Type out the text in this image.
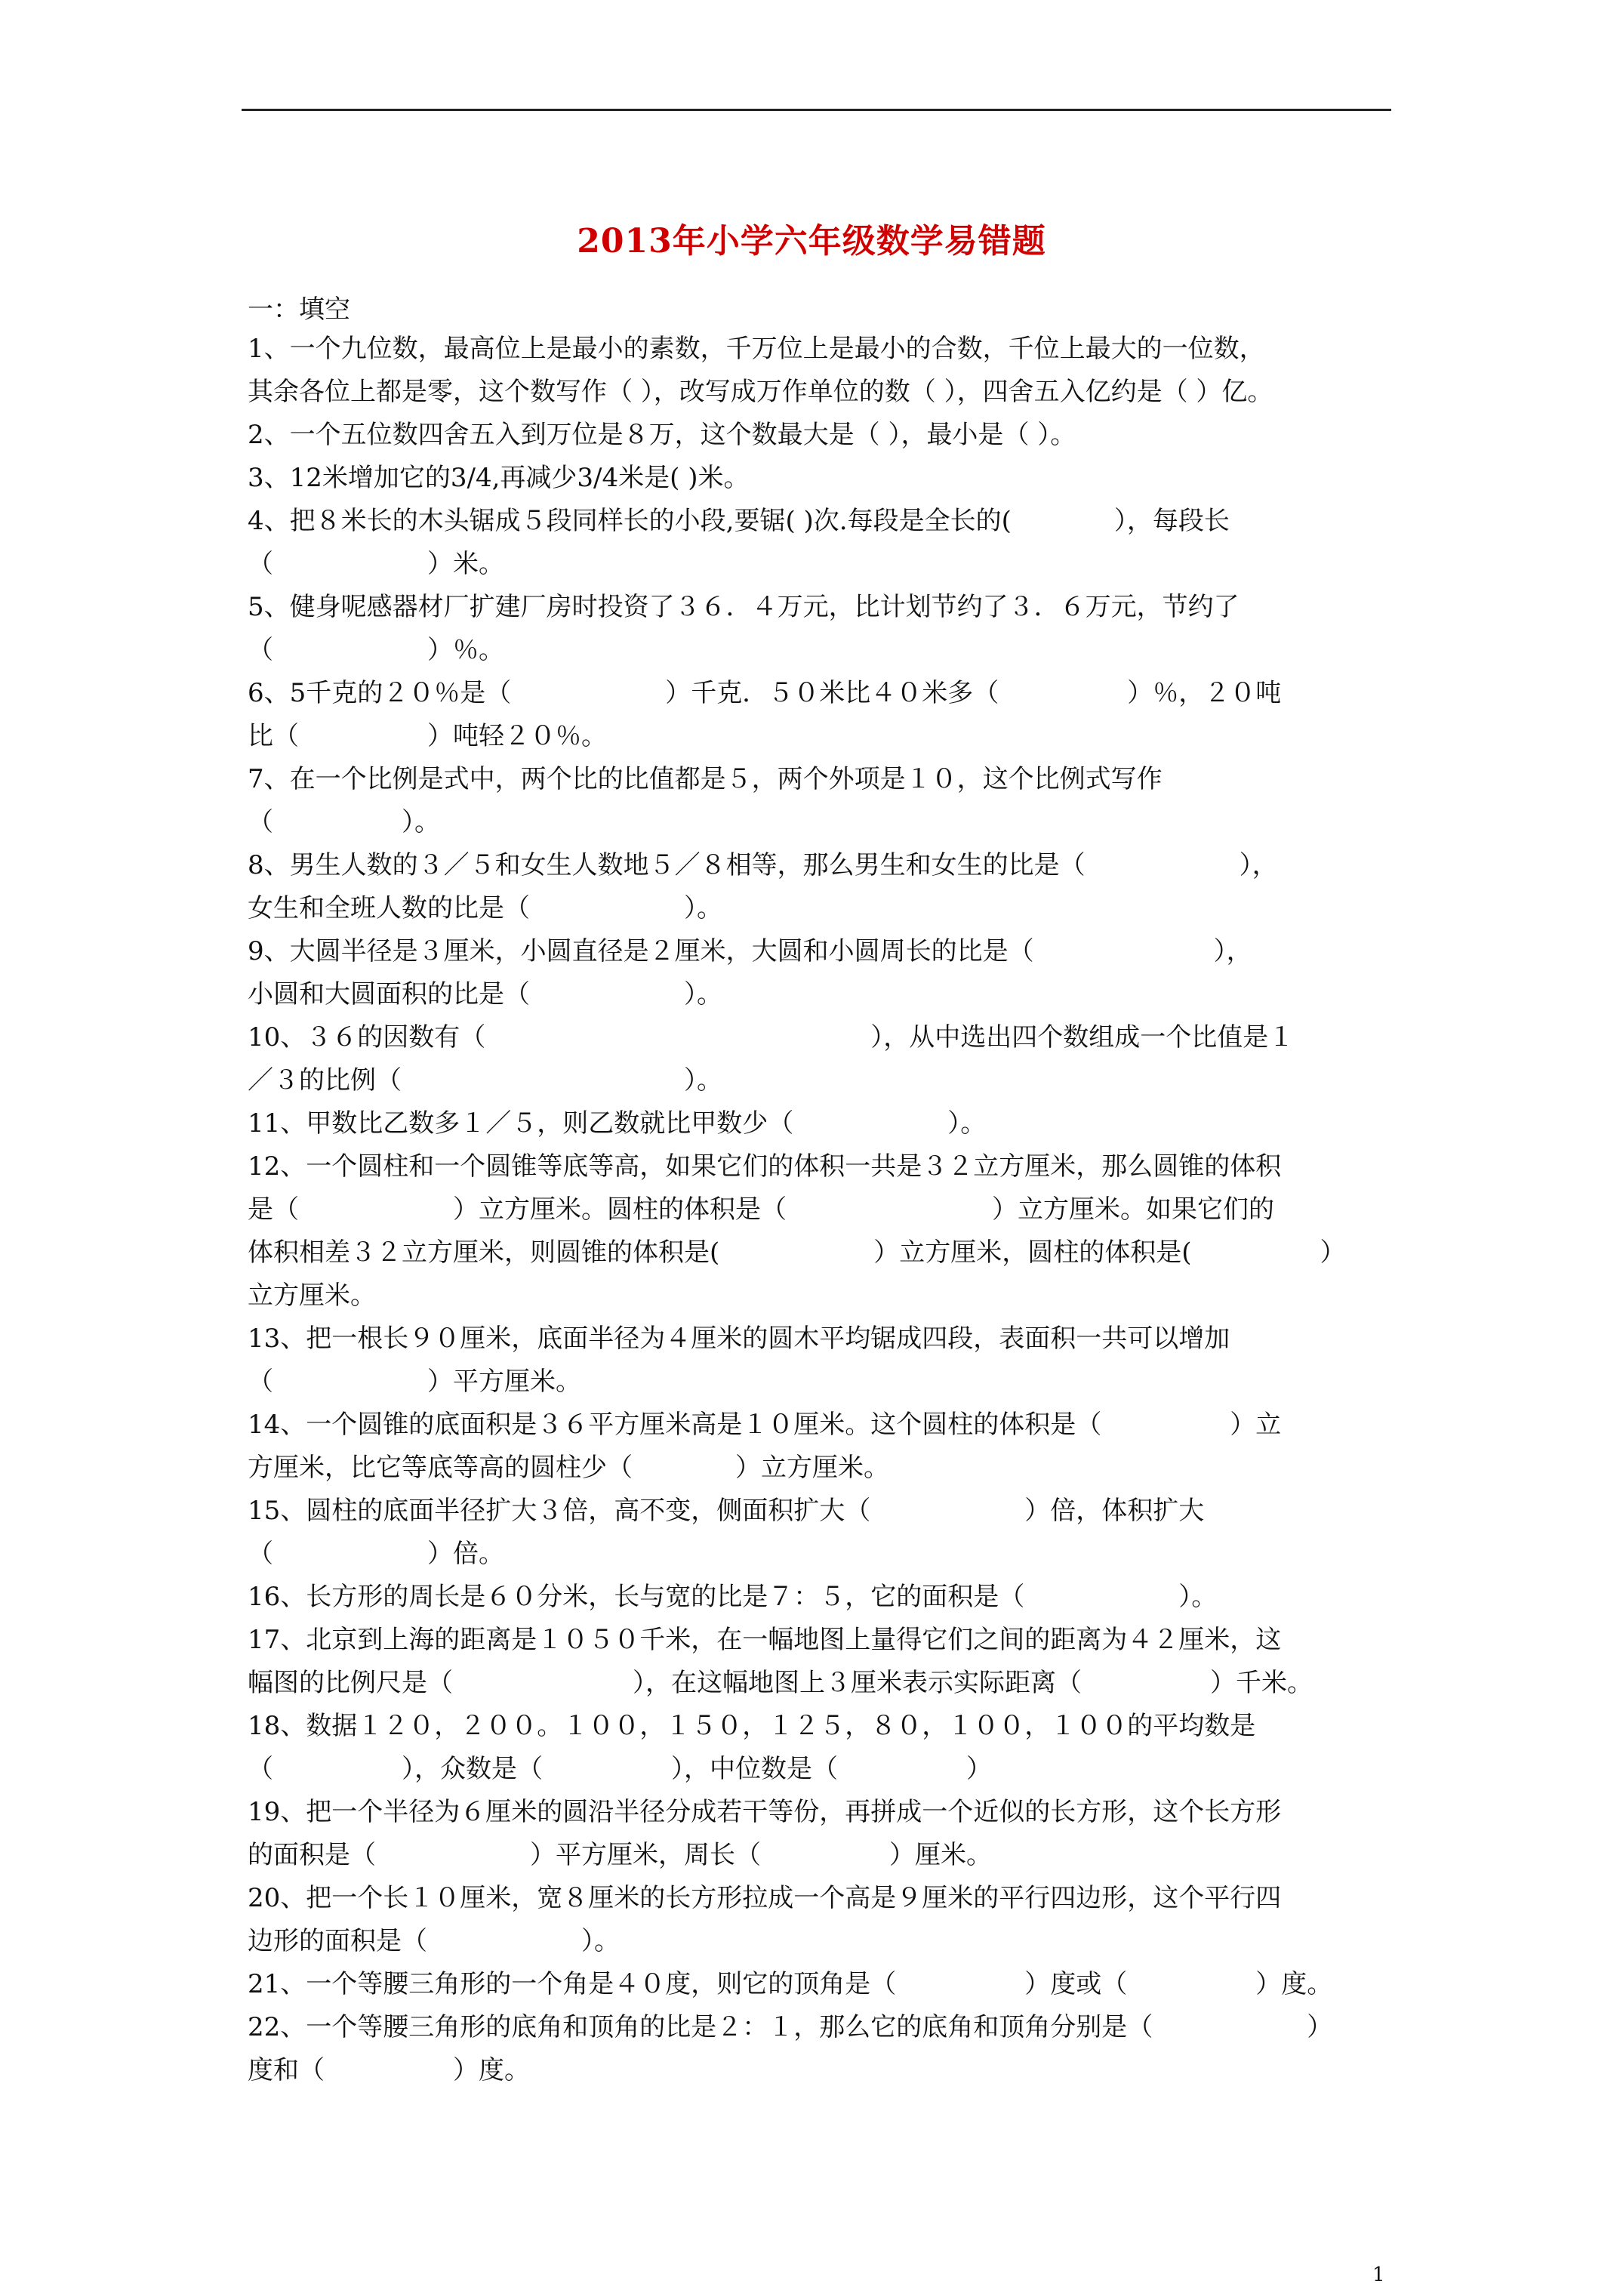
2013年小学六年级数学易错题
一：填空

1、一个九位数，最高位上是最小的素数，千万位上是最小的合数，千位上最大的一位数，
其余各位上都是零，这个数写作（ ），改写成万作单位的数（ ），四舍五入亿约是（ ）亿。

2、一个五位数四舍五入到万位是８万，这个数最大是（ ），最小是（ ）。

3、12米增加它的3/4,再减少3/4米是( )米。

4、把８米长的木头锯成５段同样长的小段,要锯( )次.每段是全长的(　　　　），每段长
（　　　　　　）米。

5、健身呢感器材厂扩建厂房时投资了３６．４万元，比计划节约了３．６万元，节约了
（　　　　　　）％。

6、5千克的２０％是（　　　　　　）千克．５０米比４０米多（　　　　　）％，２０吨
比（　　　　　）吨轻２０％。

7、在一个比例是式中，两个比的比值都是５，两个外项是１０，这个比例式写作
（　　　　　）。

8、男生人数的３／５和女生人数地５／８相等，那么男生和女生的比是（　　　　　　），
女生和全班人数的比是（　　　　　　）。

9、大圆半径是３厘米，小圆直径是２厘米，大圆和小圆周长的比是（　　　　　　　），
小圆和大圆面积的比是（　　　　　　）。

10、３６的因数有（　　　　　　　　　　　　　　　），从中选出四个数组成一个比值是１
／３的比例（　　　　　　　　　　　）。

11、甲数比乙数多１／５，则乙数就比甲数少（　　　　　　）。

12、一个圆柱和一个圆锥等底等高，如果它们的体积一共是３２立方厘米，那么圆锥的体积
是（　　　　　　）立方厘米。圆柱的体积是（　　　　　　　　）立方厘米。如果它们的
体积相差３２立方厘米，则圆锥的体积是(　　　　　　）立方厘米，圆柱的体积是(　　　　　）
立方厘米。

13、把一根长９０厘米，底面半径为４厘米的圆木平均锯成四段，表面积一共可以增加
（　　　　　　）平方厘米。

14、一个圆锥的底面积是３６平方厘米高是１０厘米。这个圆柱的体积是（　　　　　）立
方厘米，比它等底等高的圆柱少（　　　　）立方厘米。

15、圆柱的底面半径扩大３倍，高不变，侧面积扩大（　　　　　　）倍，体积扩大
（　　　　　　）倍。

16、长方形的周长是６０分米，长与宽的比是７：５，它的面积是（　　　　　　）。

17、北京到上海的距离是１０５０千米，在一幅地图上量得它们之间的距离为４２厘米，这
幅图的比例尺是（　　　　　　　），在这幅地图上３厘米表示实际距离（　　　　　）千米。

18、数据１２０，２００。１００，１５０，１２５，８０，１００，１００的平均数是
（　　　　　），众数是（　　　　　），中位数是（　　　　　）

19、把一个半径为６厘米的圆沿半径分成若干等份，再拼成一个近似的长方形，这个长方形
的面积是（　　　　　　）平方厘米，周长（　　　　　）厘米。

20、把一个长１０厘米，宽８厘米的长方形拉成一个高是９厘米的平行四边形，这个平行四
边形的面积是（　　　　　　）。

21、一个等腰三角形的一个角是４０度，则它的顶角是（　　　　　）度或（　　　　　）度。

22、一个等腰三角形的底角和顶角的比是２：１，那么它的底角和顶角分别是（　　　　　　）
度和（　　　　　）度。

1
